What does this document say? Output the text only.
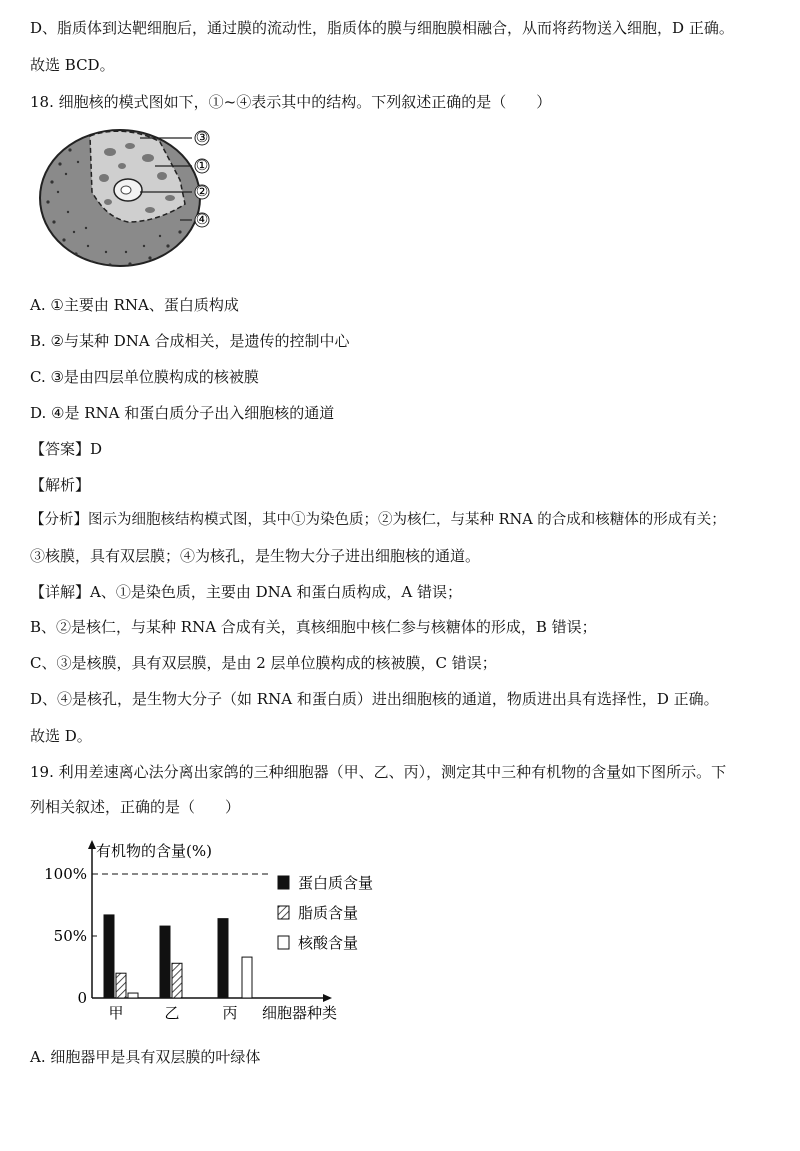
D、脂质体到达靶细胞后，通过膜的流动性，脂质体的膜与细胞膜相融合，从而将药物送入细胞，D 正确。
故选 BCD。
18. 细胞核的模式图如下，①~④表示其中的结构。下列叙述正确的是（　　）
③
①
②
④
A. ①主要由 RNA、蛋白质构成
B. ②与某种 DNA 合成相关，是遗传的控制中心
C. ③是由四层单位膜构成的核被膜
D. ④是 RNA 和蛋白质分子出入细胞核的通道
【答案】D
【解析】
【分析】图示为细胞核结构模式图，其中①为染色质；②为核仁，与某种 RNA 的合成和核糖体的形成有关；
③核膜，具有双层膜；④为核孔，是生物大分子进出细胞核的通道。
【详解】A、①是染色质，主要由 DNA 和蛋白质构成，A 错误；
B、②是核仁，与某种 RNA 合成有关，真核细胞中核仁参与核糖体的形成，B 错误；
C、③是核膜，具有双层膜，是由 2 层单位膜构成的核被膜，C 错误；
D、④是核孔，是生物大分子（如 RNA 和蛋白质）进出细胞核的通道，物质进出具有选择性，D 正确。
故选 D。
19. 利用差速离心法分离出家鸽的三种细胞器（甲、乙、丙），测定其中三种有机物的含量如下图所示。下
列相关叙述，正确的是（　　）
有机物的含量(%)
细胞器种类
0
50%
100%
甲	乙	丙
蛋白质含量
脂质含量
核酸含量
A. 细胞器甲是具有双层膜的叶绿体
